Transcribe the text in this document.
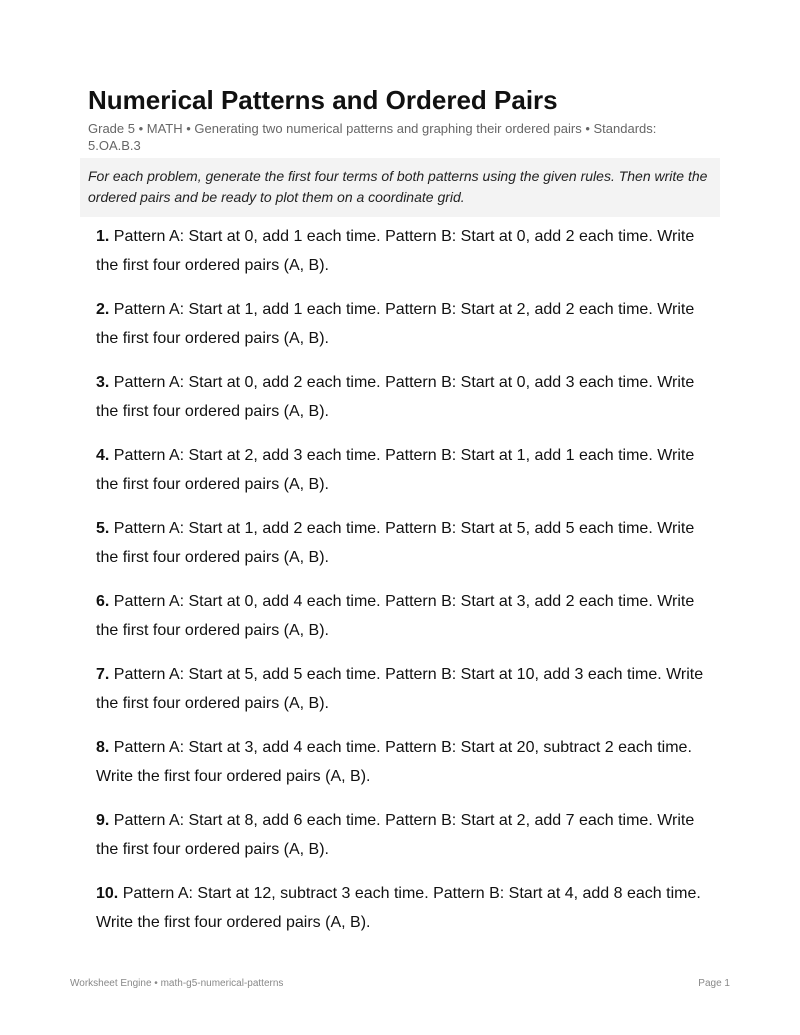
Numerical Patterns and Ordered Pairs
Grade 5 • MATH • Generating two numerical patterns and graphing their ordered pairs • Standards: 5.OA.B.3
For each problem, generate the first four terms of both patterns using the given rules. Then write the ordered pairs and be ready to plot them on a coordinate grid.
1. Pattern A: Start at 0, add 1 each time. Pattern B: Start at 0, add 2 each time. Write the first four ordered pairs (A, B).
2. Pattern A: Start at 1, add 1 each time. Pattern B: Start at 2, add 2 each time. Write the first four ordered pairs (A, B).
3. Pattern A: Start at 0, add 2 each time. Pattern B: Start at 0, add 3 each time. Write the first four ordered pairs (A, B).
4. Pattern A: Start at 2, add 3 each time. Pattern B: Start at 1, add 1 each time. Write the first four ordered pairs (A, B).
5. Pattern A: Start at 1, add 2 each time. Pattern B: Start at 5, add 5 each time. Write the first four ordered pairs (A, B).
6. Pattern A: Start at 0, add 4 each time. Pattern B: Start at 3, add 2 each time. Write the first four ordered pairs (A, B).
7. Pattern A: Start at 5, add 5 each time. Pattern B: Start at 10, add 3 each time. Write the first four ordered pairs (A, B).
8. Pattern A: Start at 3, add 4 each time. Pattern B: Start at 20, subtract 2 each time. Write the first four ordered pairs (A, B).
9. Pattern A: Start at 8, add 6 each time. Pattern B: Start at 2, add 7 each time. Write the first four ordered pairs (A, B).
10. Pattern A: Start at 12, subtract 3 each time. Pattern B: Start at 4, add 8 each time. Write the first four ordered pairs (A, B).
Worksheet Engine • math-g5-numerical-patterns	Page 1
